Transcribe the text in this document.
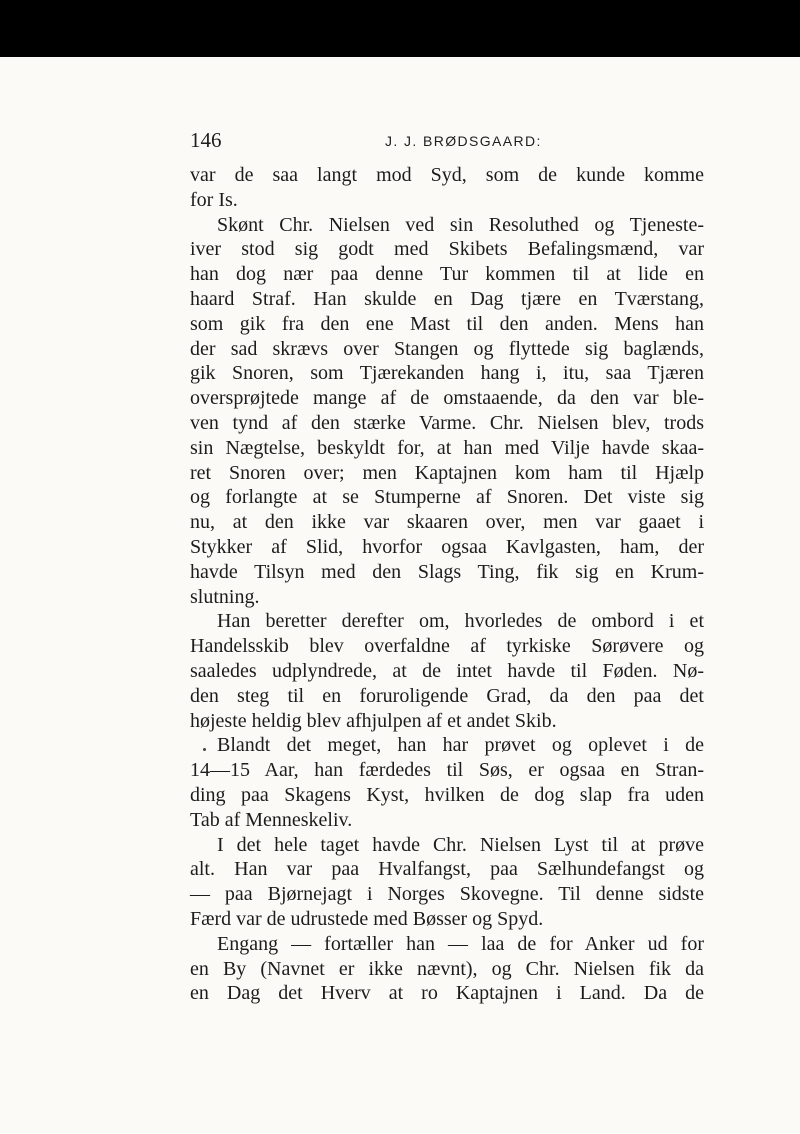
146	J. J. BRØDSGAARD:
var de saa langt mod Syd, som de kunde komme
for Is.
Skønt Chr. Nielsen ved sin Resoluthed og Tjeneste-
iver stod sig godt med Skibets Befalingsmænd, var
han dog nær paa denne Tur kommen til at lide en
haard Straf. Han skulde en Dag tjære en Tværstang,
som gik fra den ene Mast til den anden. Mens han
der sad skrævs over Stangen og flyttede sig baglænds,
gik Snoren, som Tjærekanden hang i, itu, saa Tjæren
oversprøjtede mange af de omstaaende, da den var ble-
ven tynd af den stærke Varme. Chr. Nielsen blev, trods
sin Nægtelse, beskyldt for, at han med Vilje havde skaa-
ret Snoren over; men Kaptajnen kom ham til Hjælp
og forlangte at se Stumperne af Snoren. Det viste sig
nu, at den ikke var skaaren over, men var gaaet i
Stykker af Slid, hvorfor ogsaa Kavlgasten, ham, der
havde Tilsyn med den Slags Ting, fik sig en Krum-
slutning.
Han beretter derefter om, hvorledes de ombord i et
Handelsskib blev overfaldne af tyrkiske Sørøvere og
saaledes udplyndrede, at de intet havde til Føden. Nø-
den steg til en foruroligende Grad, da den paa det
højeste heldig blev afhjulpen af et andet Skib.
Blandt det meget, han har prøvet og oplevet i de
14—15 Aar, han færdedes til Søs, er ogsaa en Stran-
ding paa Skagens Kyst, hvilken de dog slap fra uden
Tab af Menneskeliv.
I det hele taget havde Chr. Nielsen Lyst til at prøve
alt. Han var paa Hvalfangst, paa Sælhundefangst og
— paa Bjørnejagt i Norges Skovegne. Til denne sidste
Færd var de udrustede med Bøsser og Spyd.
Engang — fortæller han — laa de for Anker ud for
en By (Navnet er ikke nævnt), og Chr. Nielsen fik da
en Dag det Hverv at ro Kaptajnen i Land. Da de
